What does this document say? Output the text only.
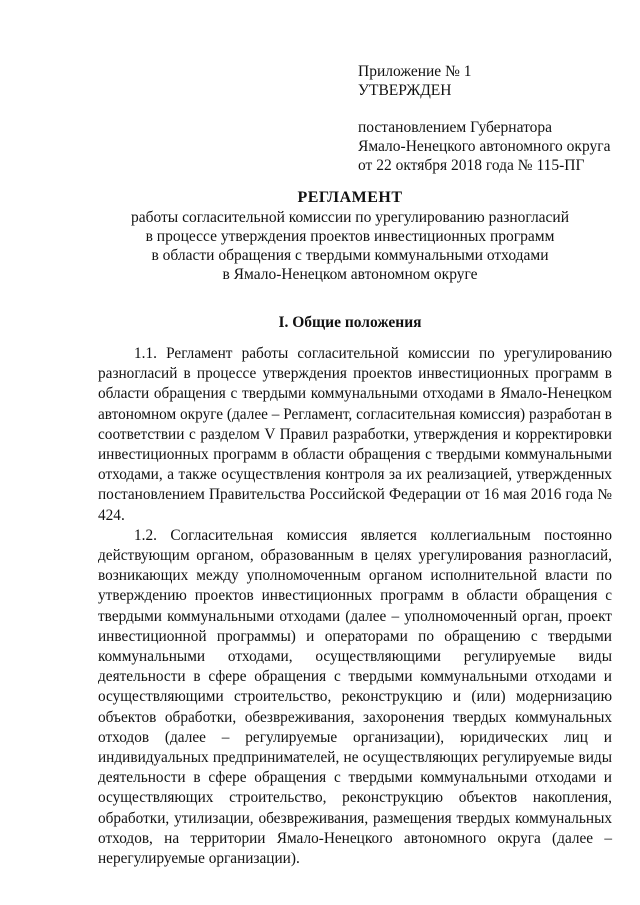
Приложение № 1
УТВЕРЖДЕН
постановлением Губернатора
Ямало-Ненецкого автономного округа
от 22 октября 2018 года № 115-ПГ
РЕГЛАМЕНТ
работы согласительной комиссии по урегулированию разногласий
в процессе утверждения проектов инвестиционных программ
в области обращения с твердыми коммунальными отходами
в Ямало-Ненецком автономном округе
I. Общие положения

1.1. Регламент работы согласительной комиссии по урегулированию разногласий в процессе утверждения проектов инвестиционных программ в области обращения с твердыми коммунальными отходами в Ямало-Ненецком автономном округе (далее – Регламент, согласительная комиссия) разработан в соответствии с разделом V Правил разработки, утверждения и корректировки инвестиционных программ в области обращения с твердыми коммунальными отходами, а также осуществления контроля за их реализацией, утвержденных постановлением Правительства Российской Федерации от 16 мая 2016 года № 424.

1.2. Согласительная комиссия является коллегиальным постоянно действующим органом, образованным в целях урегулирования разногласий, возникающих между уполномоченным органом исполнительной власти по утверждению проектов инвестиционных программ в области обращения с твердыми коммунальными отходами (далее – уполномоченный орган, проект инвестиционной программы) и операторами по обращению с твердыми коммунальными отходами, осуществляющими регулируемые виды деятельности в сфере обращения с твердыми коммунальными отходами и осуществляющими строительство, реконструкцию и (или) модернизацию объектов обработки, обезвреживания, захоронения твердых коммунальных отходов (далее – регулируемые организации), юридических лиц и индивидуальных предпринимателей, не осуществляющих регулируемые виды деятельности в сфере обращения с твердыми коммунальными отходами и осуществляющих строительство, реконструкцию объектов накопления, обработки, утилизации, обезвреживания, размещения твердых коммунальных отходов, на территории Ямало-Ненецкого автономного округа (далее – нерегулируемые организации).
